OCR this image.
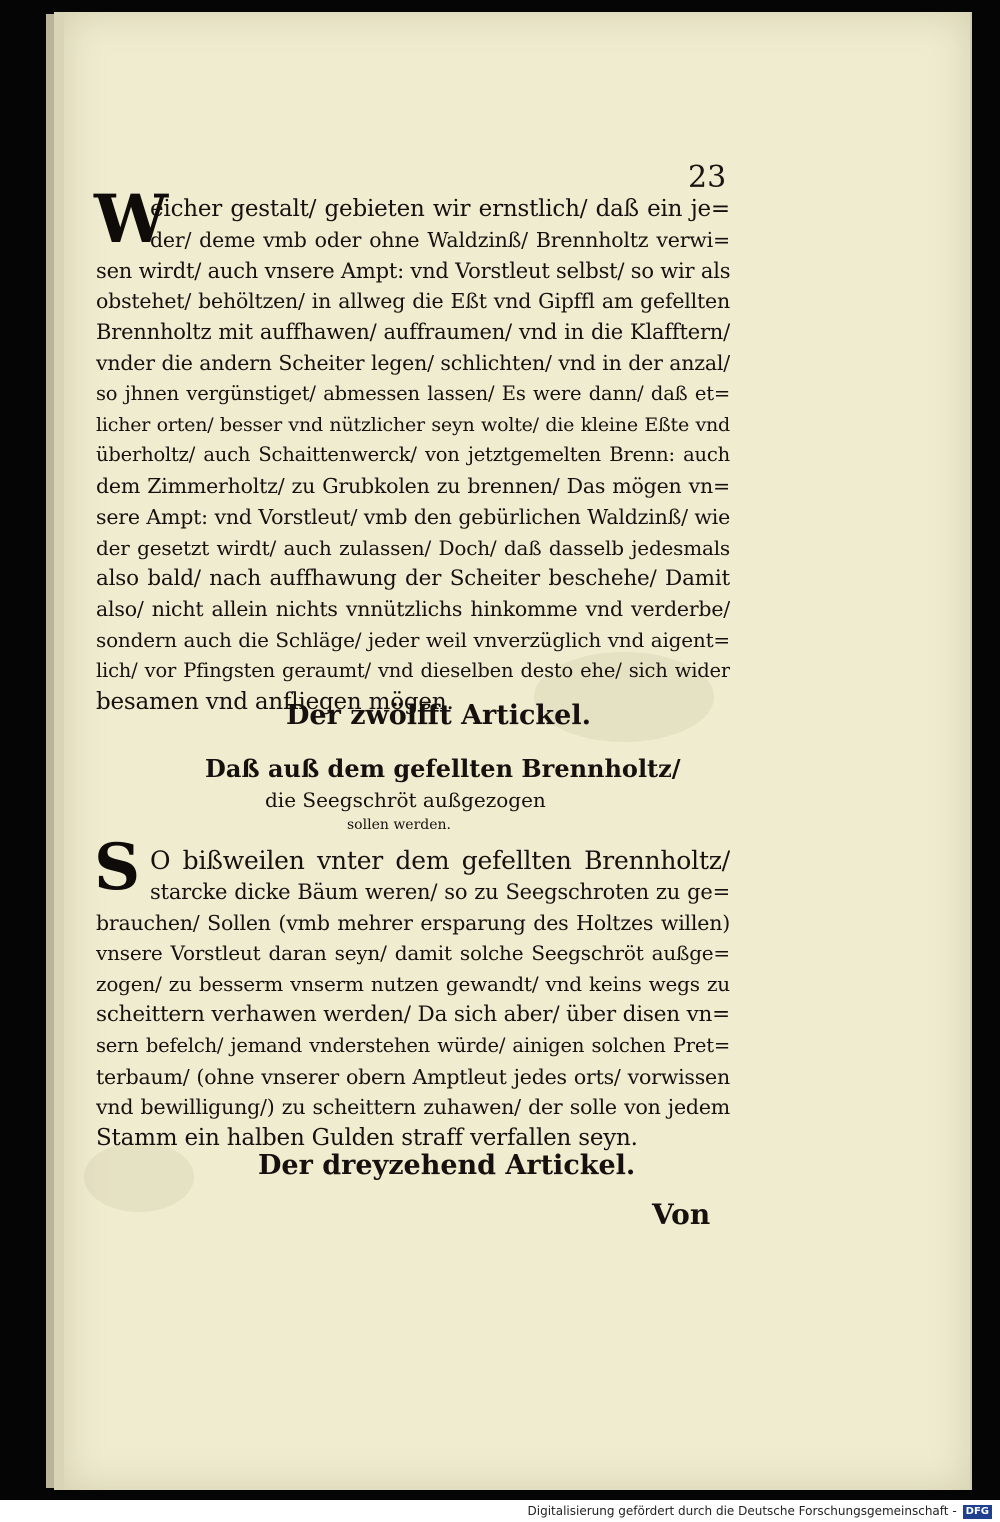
23
W
eicher gestalt/ gebieten wir ernstlich/ daß ein je=
der/ deme vmb oder ohne Waldzinß/ Brennholtz verwi=
sen wirdt/ auch vnsere Ampt: vnd Vorstleut selbst/ so wir als
obstehet/ behöltzen/ in allweg die Eßt vnd Gipffl am gefellten
Brennholtz mit auffhawen/ auffraumen/ vnd in die Klafftern/
vnder die andern Scheiter legen/ schlichten/ vnd in der anzal/
so jhnen vergünstiget/ abmessen lassen/ Es were dann/ daß et=
licher orten/ besser vnd nützlicher seyn wolte/ die kleine Eßte vnd
überholtz/ auch Schaittenwerck/ von jetztgemelten Brenn: auch
dem Zimmerholtz/ zu Grubkolen zu brennen/ Das mögen vn=
sere Ampt: vnd Vorstleut/ vmb den gebürlichen Waldzinß/ wie
der gesetzt wirdt/ auch zulassen/ Doch/ daß dasselb jedesmals
also bald/ nach auffhawung der Scheiter beschehe/ Damit
also/ nicht allein nichts vnnützlichs hinkomme vnd verderbe/
sondern auch die Schläge/ jeder weil vnverzüglich vnd aigent=
lich/ vor Pfingsten geraumt/ vnd dieselben desto ehe/ sich wider
besamen vnd anfliegen mögen.
Der zwölfft Artickel.
Daß auß dem gefellten Brennholtz/
die Seegschröt außgezogen
sollen werden.
S O bißweilen vnter dem gefellten Brennholtz/
starcke dicke Bäum weren/ so zu Seegschroten zu ge=
brauchen/ Sollen (vmb mehrer ersparung des Holtzes willen)
vnsere Vorstleut daran seyn/ damit solche Seegschröt außge=
zogen/ zu besserm vnserm nutzen gewandt/ vnd keins wegs zu
scheittern verhawen werden/ Da sich aber/ über disen vn=
sern befelch/ jemand vnderstehen würde/ ainigen solchen Pret=
terbaum/ (ohne vnserer obern Amptleut jedes orts/ vorwissen
vnd bewilligung/) zu scheittern zuhawen/ der solle von jedem
Stamm ein halben Gulden straff verfallen seyn.
Der dreyzehend Artickel.
Von
Digitalisierung gefördert durch die Deutsche Forschungsgemeinschaft - DFG
